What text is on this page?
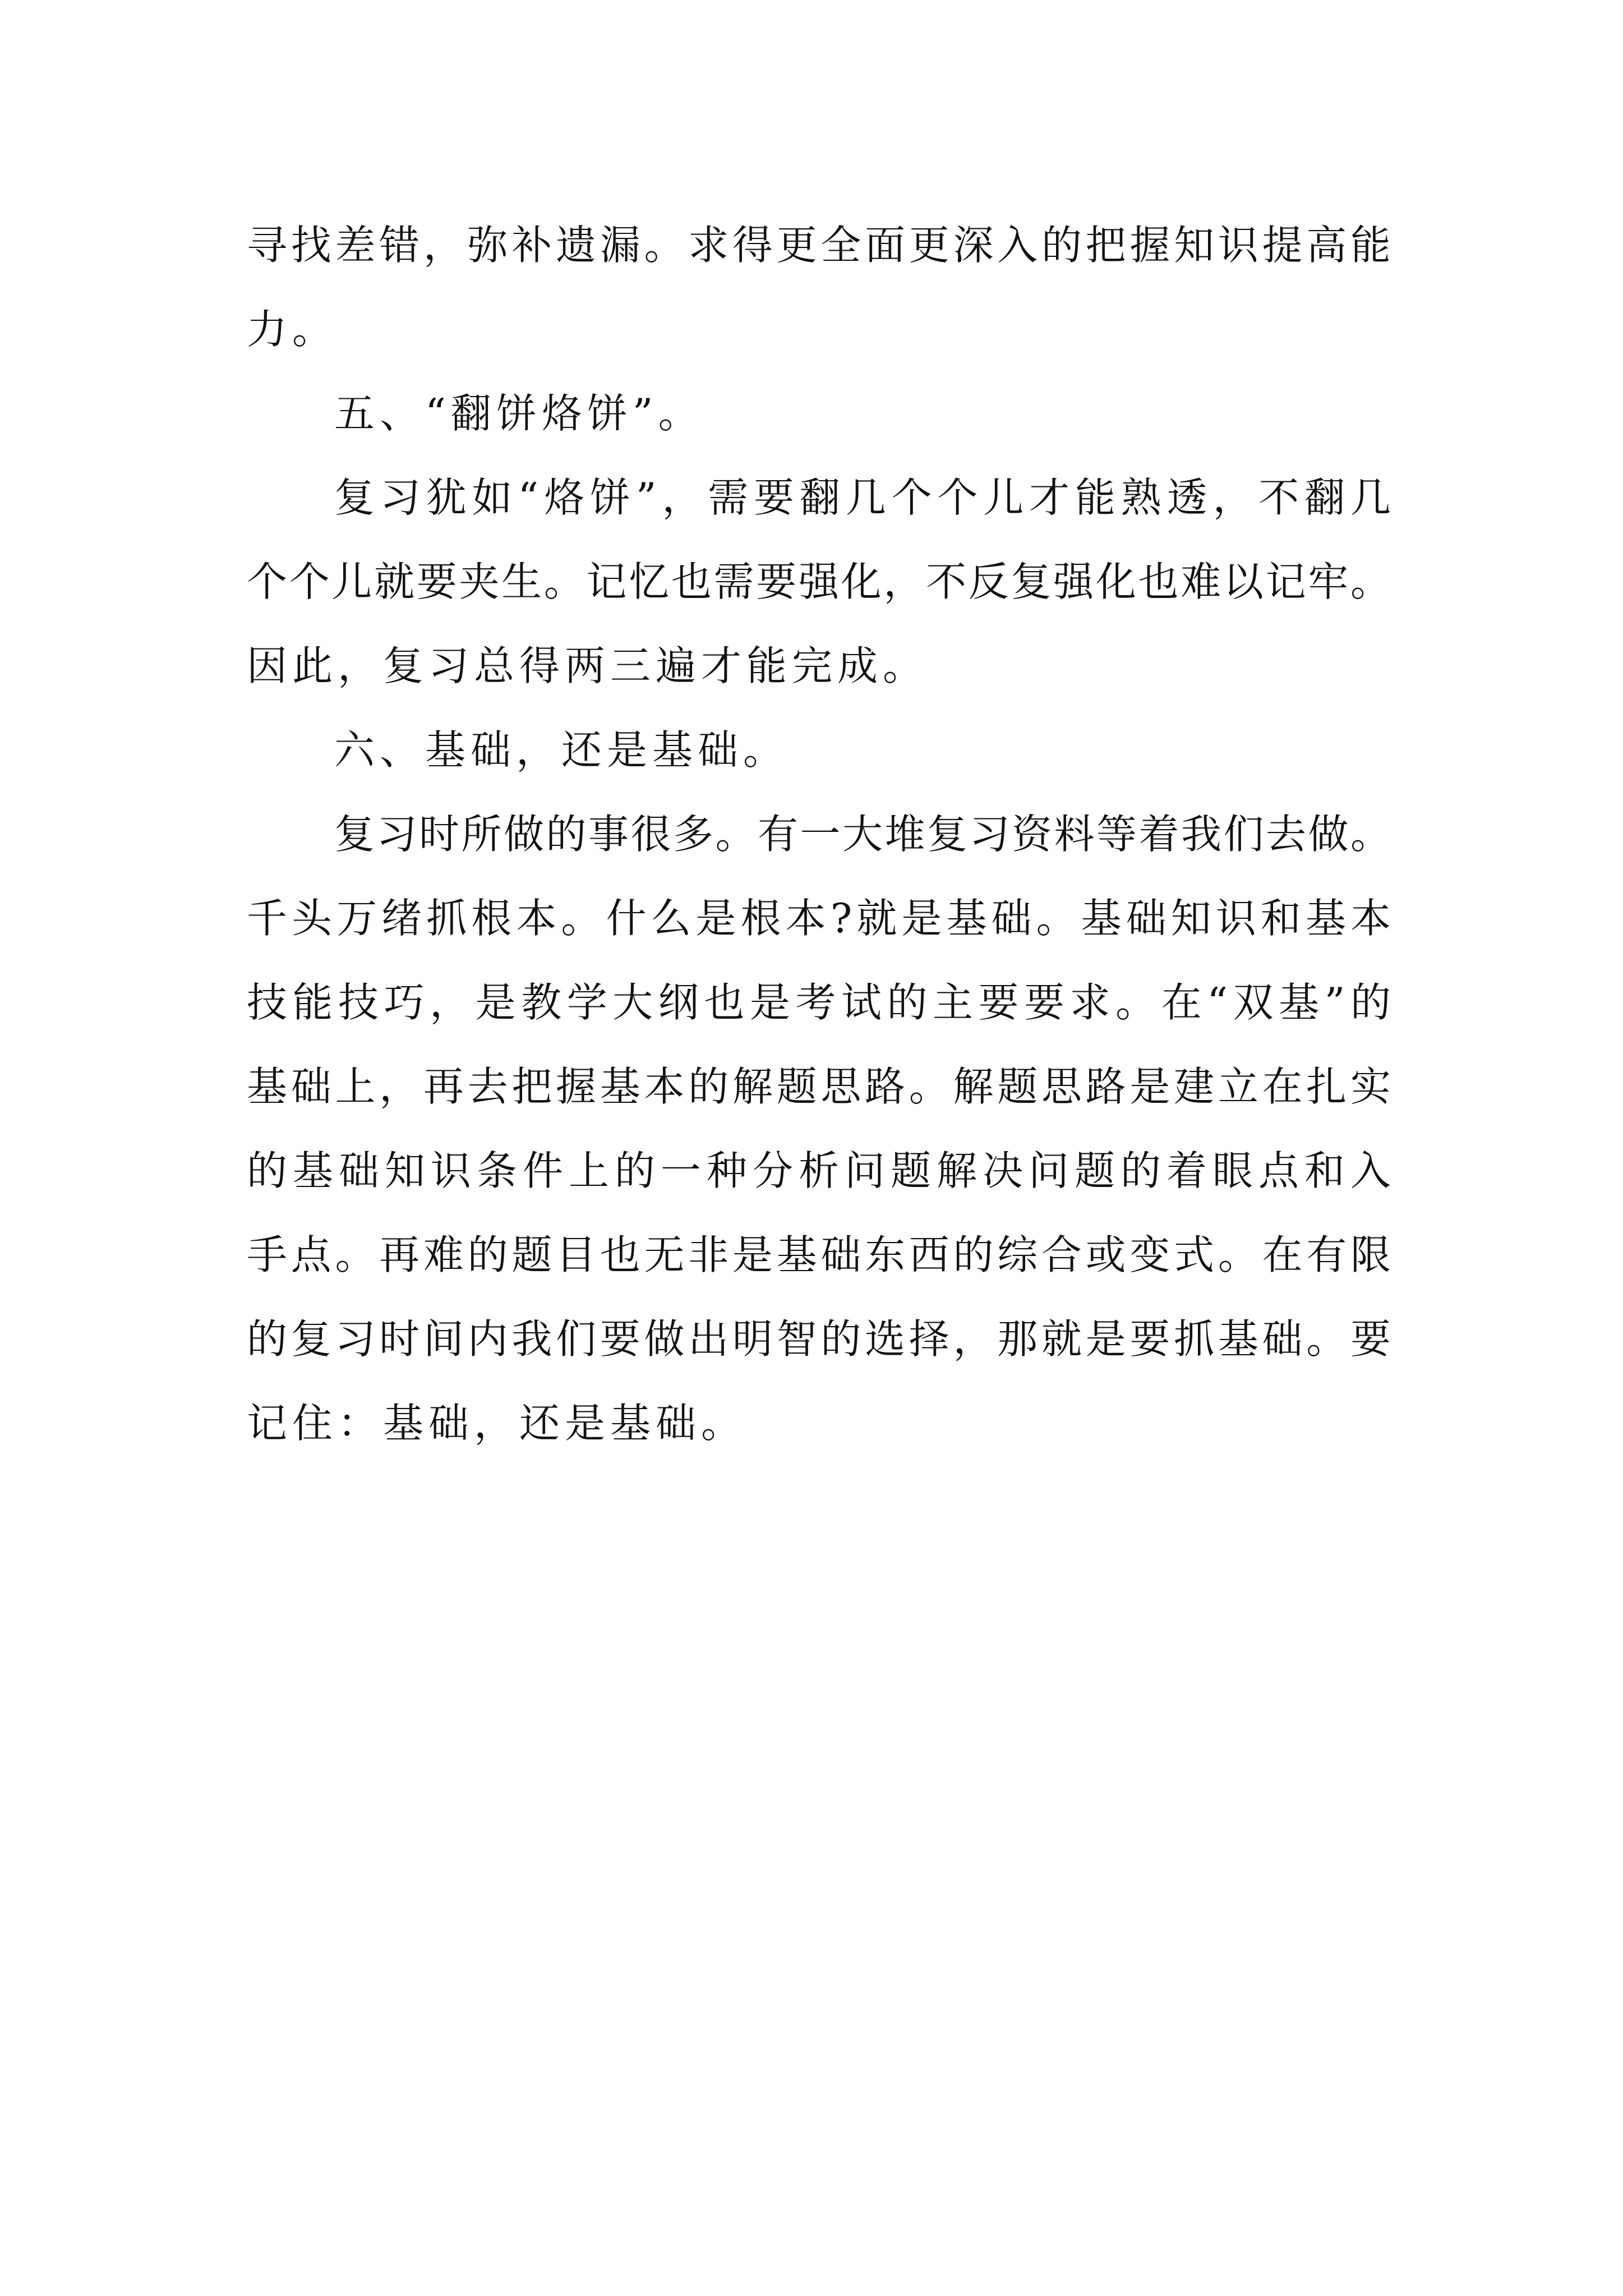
寻找差错，弥补遗漏。求得更全面更深入的把握知识提高能
力。
五、“翻饼烙饼”。
复习犹如“烙饼”，需要翻几个个儿才能熟透，不翻几
个个儿就要夹生。记忆也需要强化，不反复强化也难以记牢。
因此，复习总得两三遍才能完成。
六、基础，还是基础。
复习时所做的事很多。有一大堆复习资料等着我们去做。
千头万绪抓根本。什么是根本?就是基础。基础知识和基本
技能技巧，是教学大纲也是考试的主要要求。在“双基”的
基础上，再去把握基本的解题思路。解题思路是建立在扎实
的基础知识条件上的一种分析问题解决问题的着眼点和入
手点。再难的题目也无非是基础东西的综合或变式。在有限
的复习时间内我们要做出明智的选择，那就是要抓基础。要
记住：基础，还是基础。
